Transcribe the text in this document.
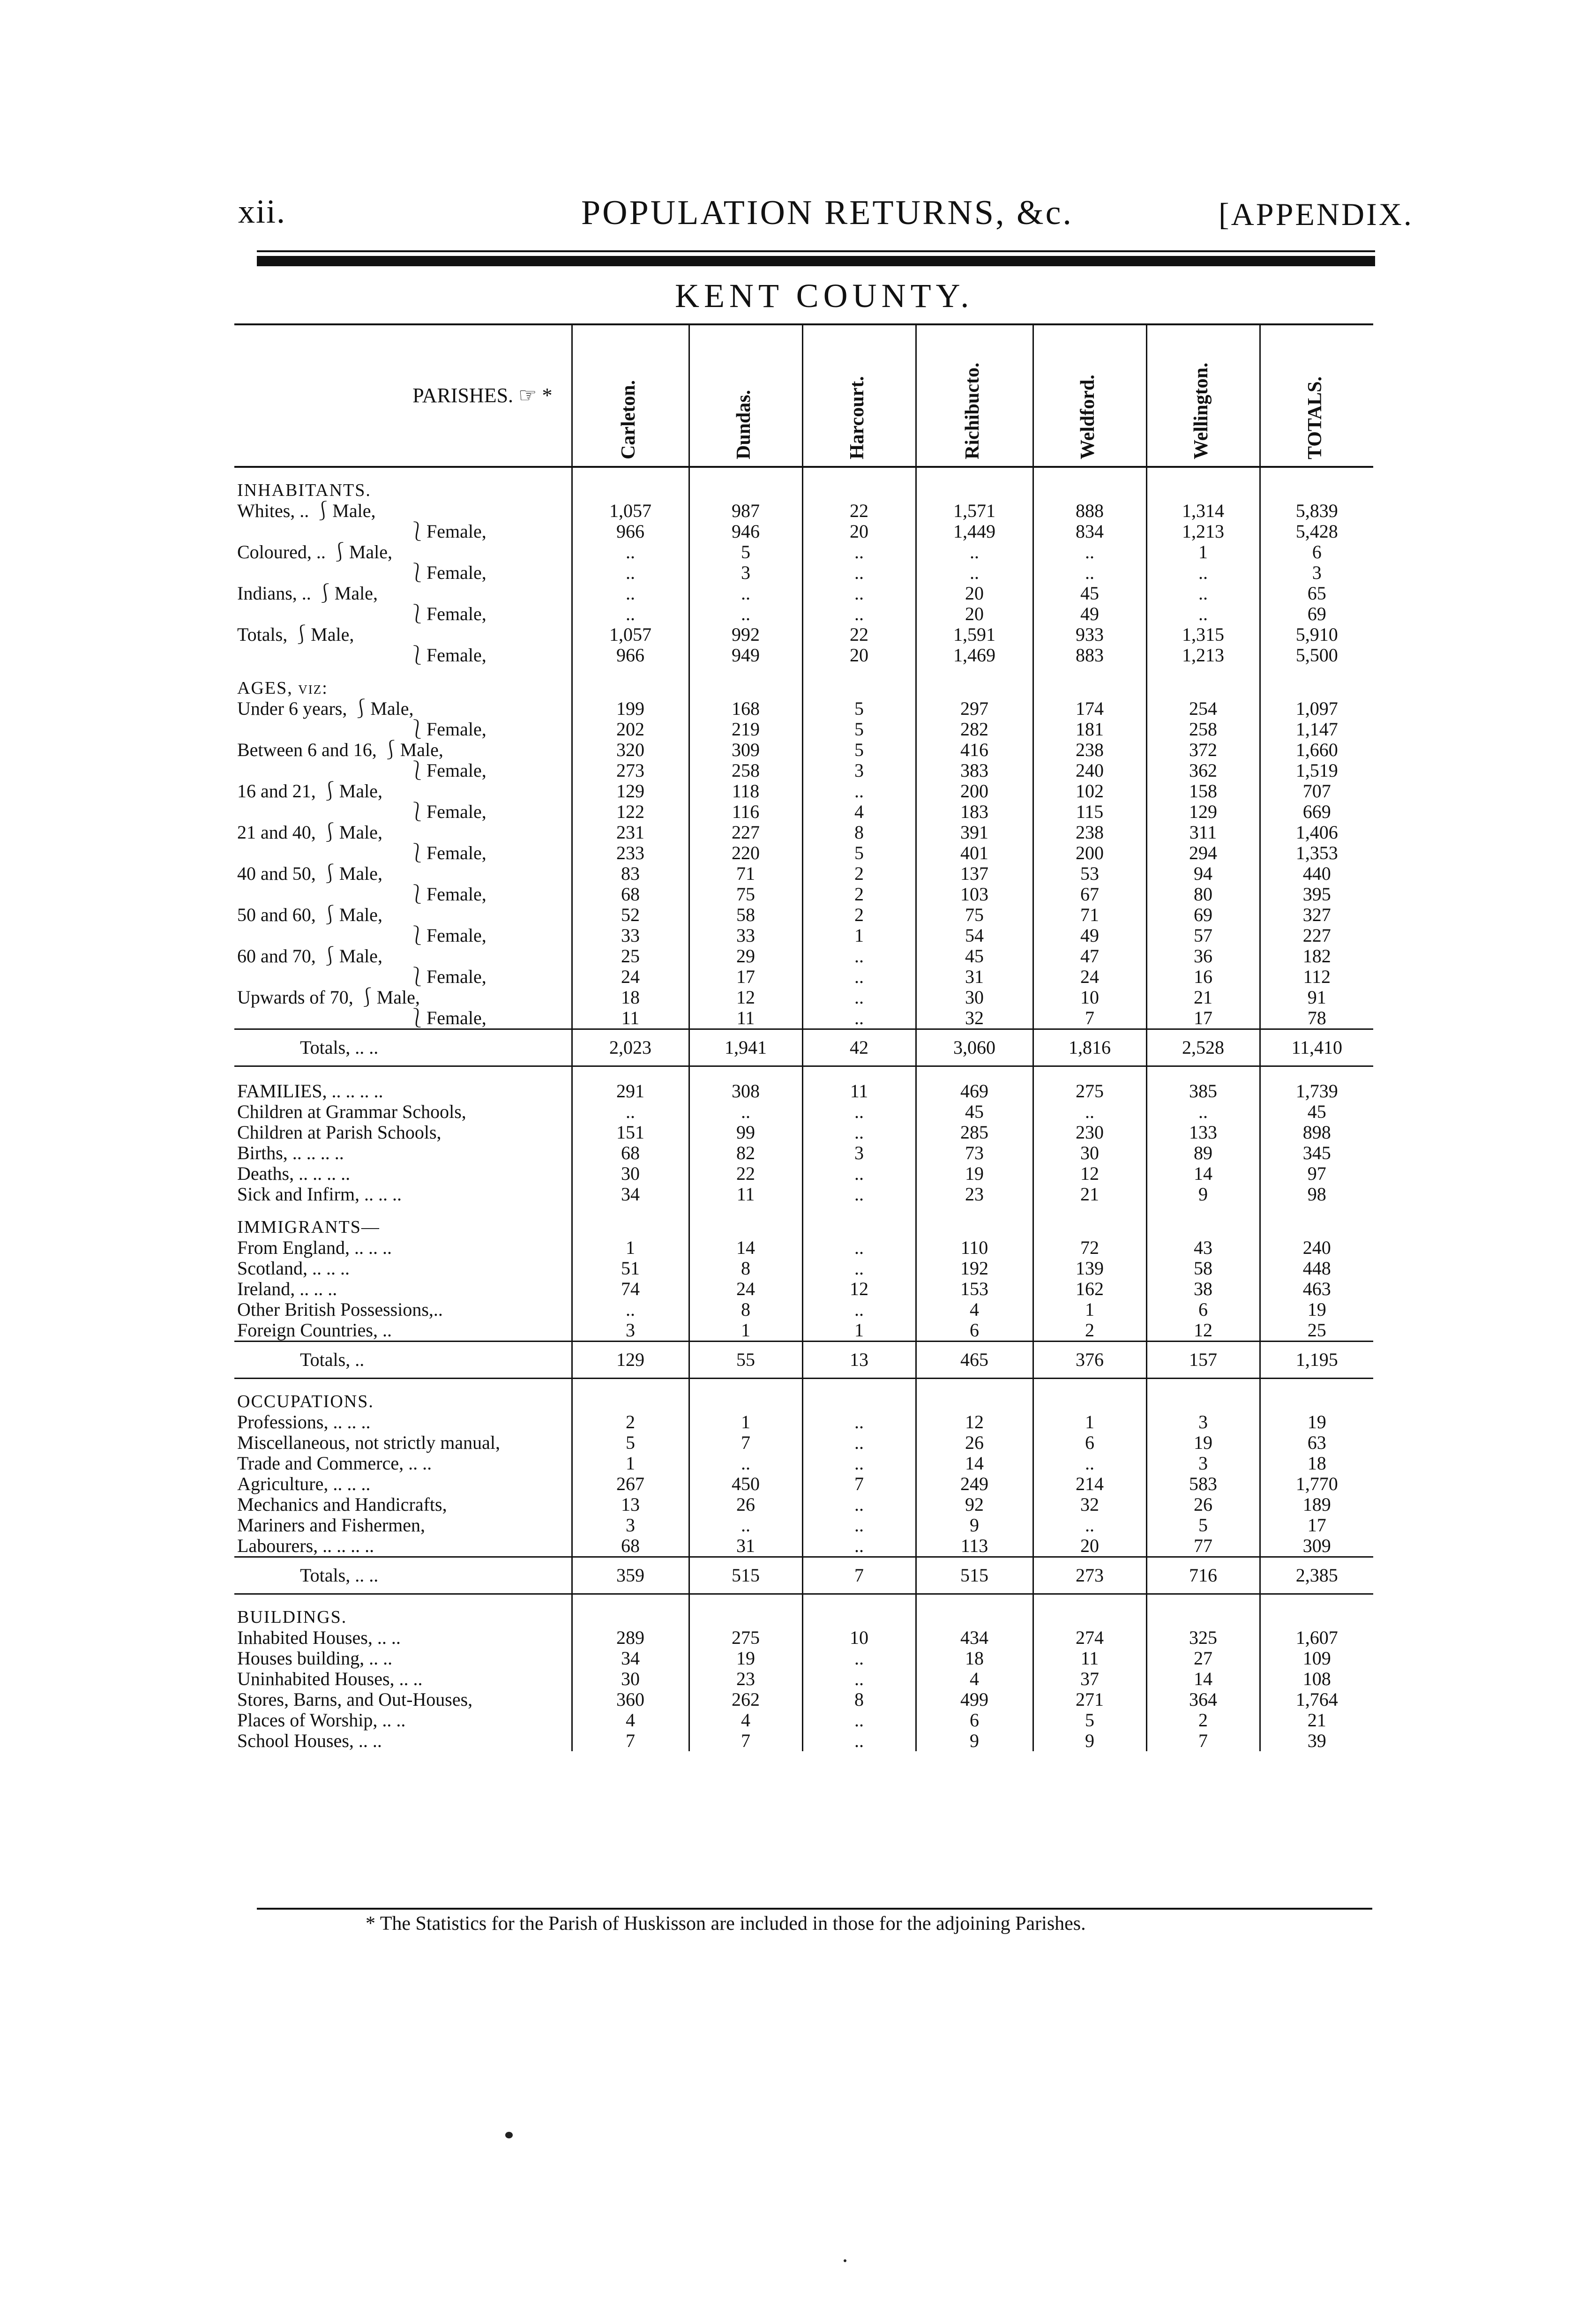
xii.	POPULATION RETURNS, &c.	[APPENDIX.
KENT COUNTY.
PARISHES. ☞ *	Carleton.	Dundas.	Harcourt.	Richibucto.	Weldford.	Wellington.	TOTALS.

INHABITANTS.							
Whites, .. ⎰Male,	1,057	987	22	1,571	888	1,314	5,839
⎱Female,	966	946	20	1,449	834	1,213	5,428
Coloured, .. ⎰Male,	..	5	..	..	..	1	6
⎱Female,	..	3	..	..	..	..	3
Indians, .. ⎰Male,	..	..	..	20	45	..	65
⎱Female,	..	..	..	20	49	..	69
Totals, ⎰Male,	1,057	992	22	1,591	933	1,315	5,910
⎱Female,	966	949	20	1,469	883	1,213	5,500
AGES, viz:							
Under 6 years, ⎰Male,	199	168	5	297	174	254	1,097
⎱Female,	202	219	5	282	181	258	1,147
Between 6 and 16, ⎰Male,	320	309	5	416	238	372	1,660
⎱Female,	273	258	3	383	240	362	1,519
16 and 21, ⎰Male,	129	118	..	200	102	158	707
⎱Female,	122	116	4	183	115	129	669
21 and 40, ⎰Male,	231	227	8	391	238	311	1,406
⎱Female,	233	220	5	401	200	294	1,353
40 and 50, ⎰Male,	83	71	2	137	53	94	440
⎱Female,	68	75	2	103	67	80	395
50 and 60, ⎰Male,	52	58	2	75	71	69	327
⎱Female,	33	33	1	54	49	57	227
60 and 70, ⎰Male,	25	29	..	45	47	36	182
⎱Female,	24	17	..	31	24	16	112
Upwards of 70, ⎰Male,	18	12	..	30	10	21	91
⎱Female,	11	11	..	32	7	17	78
Totals, .. ..	2,023	1,941	42	3,060	1,816	2,528	11,410

FAMILIES, .. .. .. ..	291	308	11	469	275	385	1,739
Children at Grammar Schools,	..	..	..	45	..	..	45
Children at Parish Schools,	151	99	..	285	230	133	898
Births, .. .. .. ..	68	82	3	73	30	89	345
Deaths, .. .. .. ..	30	22	..	19	12	14	97
Sick and Infirm, .. .. ..	34	11	..	23	21	9	98
IMMIGRANTS—							
From England, .. .. ..	1	14	..	110	72	43	240
Scotland, .. .. ..	51	8	..	192	139	58	448
Ireland, .. .. ..	74	24	12	153	162	38	463
Other British Possessions,..	..	8	..	4	1	6	19
Foreign Countries, ..	3	1	1	6	2	12	25
Totals, ..	129	55	13	465	376	157	1,195
OCCUPATIONS.							
Professions, .. .. ..	2	1	..	12	1	3	19
Miscellaneous, not strictly manual,	5	7	..	26	6	19	63
Trade and Commerce, .. ..	1	..	..	14	..	3	18
Agriculture, .. .. ..	267	450	7	249	214	583	1,770
Mechanics and Handicrafts,	13	26	..	92	32	26	189
Mariners and Fishermen,	3	..	..	9	..	5	17
Labourers, .. .. .. ..	68	31	..	113	20	77	309
Totals, .. ..	359	515	7	515	273	716	2,385
BUILDINGS.							
Inhabited Houses, .. ..	289	275	10	434	274	325	1,607
Houses building, .. ..	34	19	..	18	11	27	109
Uninhabited Houses, .. ..	30	23	..	4	37	14	108
Stores, Barns, and Out-Houses,	360	262	8	499	271	364	1,764
Places of Worship, .. ..	4	4	..	6	5	2	21
School Houses, .. ..	7	7	..	9	9	7	39
* The Statistics for the Parish of Huskisson are included in those for the adjoining Parishes.
